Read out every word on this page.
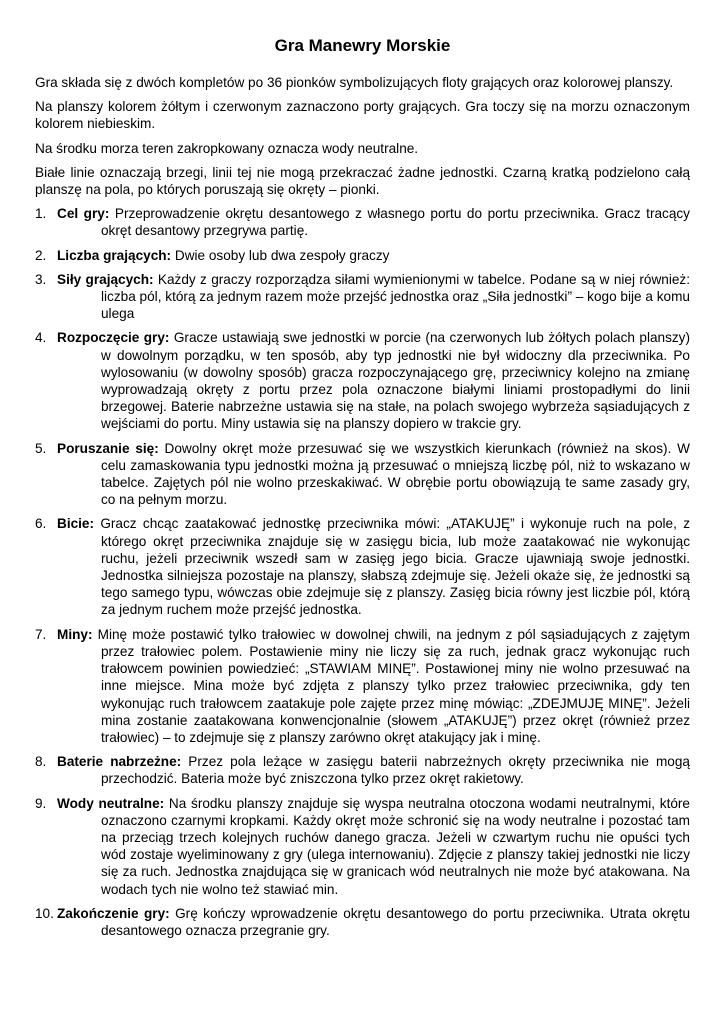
Gra Manewry Morskie

Gra składa się z dwóch kompletów po 36 pionków symbolizujących floty grających oraz kolorowej planszy.

Na planszy kolorem żółtym i czerwonym zaznaczono porty grających. Gra toczy się na morzu oznaczonym kolorem niebieskim.

Na środku morza teren zakropkowany oznacza wody neutralne.

Białe linie oznaczają brzegi, linii tej nie mogą przekraczać żadne jednostki. Czarną kratką podzielono całą planszę na pola, po których poruszają się okręty – pionki.

1. Cel gry: Przeprowadzenie okrętu desantowego z własnego portu do portu przeciwnika. Gracz tracący okręt desantowy przegrywa partię.
2. Liczba grających: Dwie osoby lub dwa zespoły graczy
3. Siły grających: Każdy z graczy rozporządza siłami wymienionymi w tabelce. Podane są w niej również: liczba pól, którą za jednym razem może przejść jednostka oraz „Siła jednostki” – kogo bije a komu ulega
4. Rozpoczęcie gry: Gracze ustawiają swe jednostki w porcie (na czerwonych lub żółtych polach planszy) w dowolnym porządku, w ten sposób, aby typ jednostki nie był widoczny dla przeciwnika. Po wylosowaniu (w dowolny sposób) gracza rozpoczynającego grę, przeciwnicy kolejno na zmianę wyprowadzają okręty z portu przez pola oznaczone białymi liniami prostopadłymi do linii brzegowej. Baterie nabrzeżne ustawia się na stałe, na polach swojego wybrzeża sąsiadujących z wejściami do portu. Miny ustawia się na planszy dopiero w trakcie gry.
5. Poruszanie się: Dowolny okręt może przesuwać się we wszystkich kierunkach (również na skos). W celu zamaskowania typu jednostki można ją przesuwać o mniejszą liczbę pól, niż to wskazano w tabelce. Zajętych pól nie wolno przeskakiwać. W obrębie portu obowiązują te same zasady gry, co na pełnym morzu.
6. Bicie: Gracz chcąc zaatakować jednostkę przeciwnika mówi: „ATAKUJĘ” i wykonuje ruch na pole, z którego okręt przeciwnika znajduje się w zasięgu bicia, lub może zaatakować nie wykonując ruchu, jeżeli przeciwnik wszedł sam w zasięg jego bicia. Gracze ujawniają swoje jednostki. Jednostka silniejsza pozostaje na planszy, słabszą zdejmuje się. Jeżeli okaże się, że jednostki są tego samego typu, wówczas obie zdejmuje się z planszy. Zasięg bicia równy jest liczbie pól, którą za jednym ruchem może przejść jednostka.
7. Miny: Minę może postawić tylko trałowiec w dowolnej chwili, na jednym z pól sąsiadujących z zajętym przez trałowiec polem. Postawienie miny nie liczy się za ruch, jednak gracz wykonując ruch trałowcem powinien powiedzieć: „STAWIAM MINĘ”. Postawionej miny nie wolno przesuwać na inne miejsce. Mina może być zdjęta z planszy tylko przez trałowiec przeciwnika, gdy ten wykonując ruch trałowcem zaatakuje pole zajęte przez minę mówiąc: „ZDEJMUJĘ MINĘ”. Jeżeli mina zostanie zaatakowana konwencjonalnie (słowem „ATAKUJĘ”) przez okręt (również przez trałowiec) – to zdejmuje się z planszy zarówno okręt atakujący jak i minę.
8. Baterie nabrzeżne: Przez pola leżące w zasięgu baterii nabrzeżnych okręty przeciwnika nie mogą przechodzić. Bateria może być zniszczona tylko przez okręt rakietowy.
9. Wody neutralne: Na środku planszy znajduje się wyspa neutralna otoczona wodami neutralnymi, które oznaczono czarnymi kropkami. Każdy okręt może schronić się na wody neutralne i pozostać tam na przeciąg trzech kolejnych ruchów danego gracza. Jeżeli w czwartym ruchu nie opuści tych wód zostaje wyeliminowany z gry (ulega internowaniu). Zdjęcie z planszy takiej jednostki nie liczy się za ruch. Jednostka znajdująca się w granicach wód neutralnych nie może być atakowana. Na wodach tych nie wolno też stawiać min.
10. Zakończenie gry: Grę kończy wprowadzenie okrętu desantowego do portu przeciwnika. Utrata okrętu desantowego oznacza przegranie gry.
